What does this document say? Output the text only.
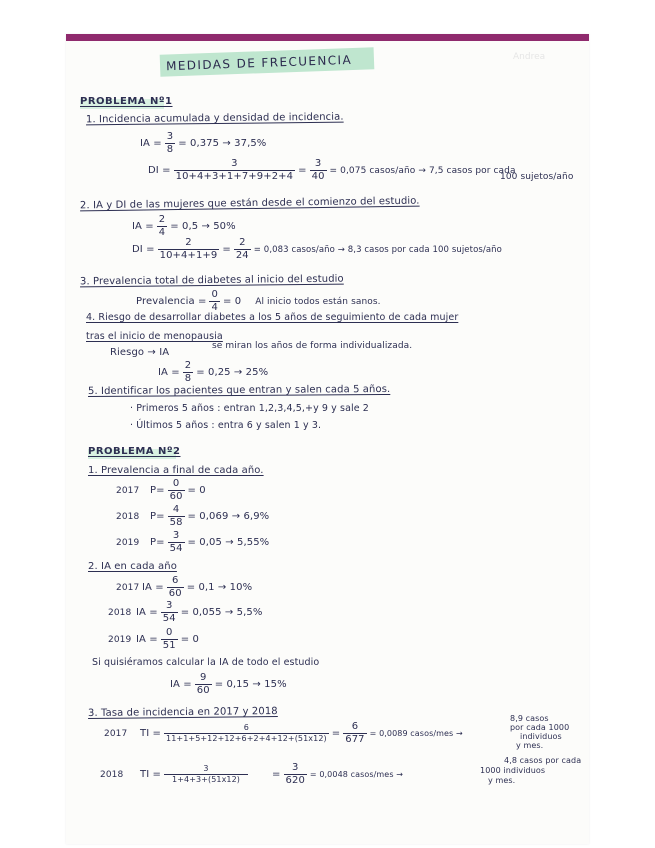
MEDIDAS DE FRECUENCIA	Andrea
PROBLEMA Nº1
1. Incidencia acumulada y densidad de incidencia.
IA = $\frac{3}{8} = 0,375 \to 37,5\%$
DI = $\frac{3}{10+4+3+1+7+9+2+4} = \frac{3}{40} = 0,075$ casos/año → 7,5 casos por cada
100 sujetos/año
2. IA y DI de las mujeres que están desde el comienzo del estudio.
IA = $\frac{2}{4} = 0,5 \to 50\%$
DI = $\frac{2}{10+4+1+9} = \frac{2}{24} = 0,083$ casos/año → 8,3 casos por cada 100 sujetos/año
3. Prevalencia total de diabetes al inicio del estudio
Prevalencia = $\frac{0}{4} = 0$ Al inicio todos están sanos.
4. Riesgo de desarrollar diabetes a los 5 años de seguimiento de cada mujer
tras el inicio de menopausia
Riesgo → IA
se miran los años de forma individualizada.
IA = $\frac{2}{8} = 0,25 \to 25\%$
5. Identificar los pacientes que entran y salen cada 5 años.
· Primeros 5 años : entran 1,2,3,4,5,+y 9 y sale 2
· Últimos 5 años : entra 6 y salen 1 y 3.
PROBLEMA Nº2
1. Prevalencia a final de cada año.
2017	$P= \frac{0}{60} = 0$
2018	$P= \frac{4}{58} = 0,069 \to 6,9\%$
2019	$P= \frac{3}{54} = 0,05 \to 5,55\%$
2. IA en cada año
2017 IA = $\frac{6}{60} = 0,1 \to 10\%$
2018 IA = $\frac{3}{54} = 0,055 \to 5,5\%$
2019 IA = $\frac{0}{51} = 0$
Si quisiéramos calcular la IA de todo el estudio
IA = $\frac{9}{60} = 0,15 \to 15\%$
3. Tasa de incidencia en 2017 y 2018
2017	TI = $\frac{6}{11+1+5+12+12+6+2+4+12+(51x12)} = \frac{6}{677} = 0,0089$ casos/mes →
8,9 casos
por cada 1000
individuos
y mes.
2018	TI = $\frac{3}{1+4+3+(51x12)} = \frac{3}{620} = 0,0048$ casos/mes →
4,8 casos por cada
1000 individuos
y mes.
